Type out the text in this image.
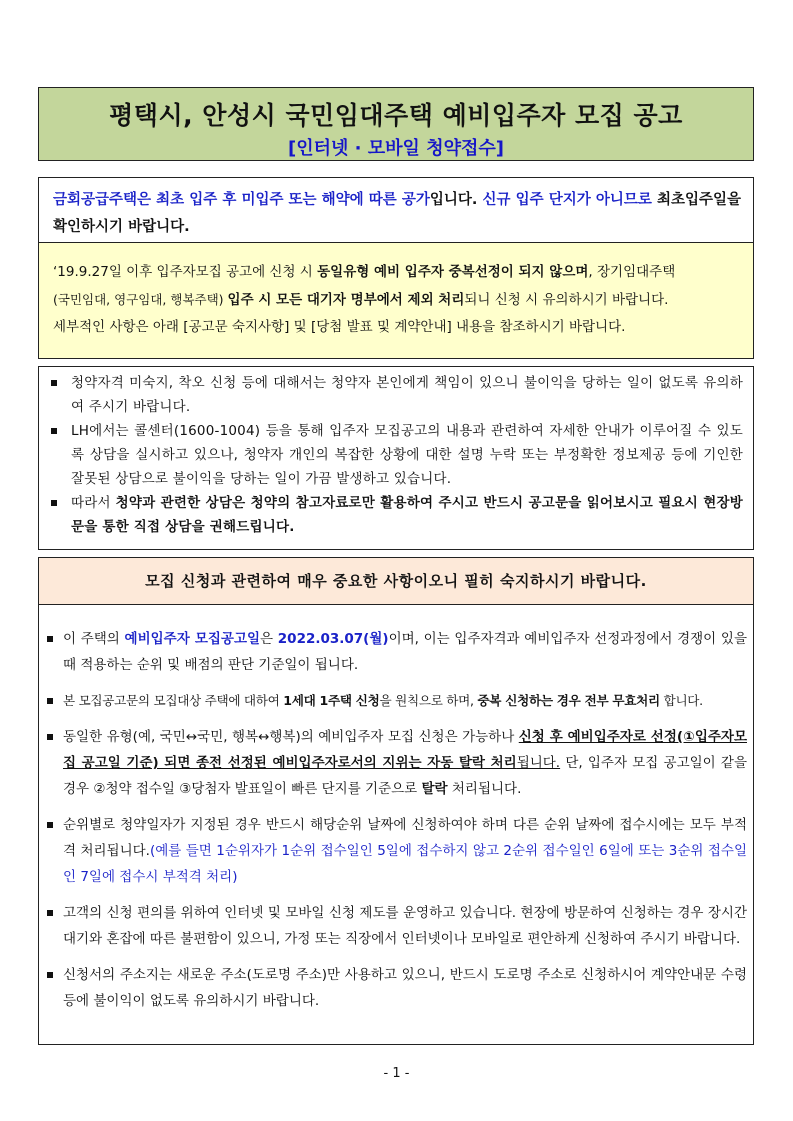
평택시, 안성시 국민임대주택 예비입주자 모집 공고
[인터넷 · 모바일 청약접수]
금회공급주택은 최초 입주 후 미입주 또는 해약에 따른 공가입니다. 신규 입주 단지가 아니므로 최초입주일을 확인하시기 바랍니다.
‘19.9.27일 이후 입주자모집 공고에 신청 시 동일유형 예비 입주자 중복선정이 되지 않으며, 장기임대주택
(국민임대, 영구임대, 행복주택) 입주 시 모든 대기자 명부에서 제외 처리되니 신청 시 유의하시기 바랍니다.
세부적인 사항은 아래 [공고문 숙지사항] 및 [당첨 발표 및 계약안내] 내용을 참조하시기 바랍니다.
청약자격 미숙지, 착오 신청 등에 대해서는 청약자 본인에게 책임이 있으니 불이익을 당하는 일이 없도록 유의하여 주시기 바랍니다.
LH에서는 콜센터(1600-1004) 등을 통해 입주자 모집공고의 내용과 관련하여 자세한 안내가 이루어질 수 있도록 상담을 실시하고 있으나, 청약자 개인의 복잡한 상황에 대한 설명 누락 또는 부정확한 정보제공 등에 기인한 잘못된 상담으로 불이익을 당하는 일이 가끔 발생하고 있습니다.
따라서 청약과 관련한 상담은 청약의 참고자료로만 활용하여 주시고 반드시 공고문을 읽어보시고 필요시 현장방문을 통한 직접 상담을 권해드립니다.
모집 신청과 관련하여 매우 중요한 사항이오니 필히 숙지하시기 바랍니다.
이 주택의 예비입주자 모집공고일은 2022.03.07(월)이며, 이는 입주자격과 예비입주자 선정과정에서 경쟁이 있을 때 적용하는 순위 및 배점의 판단 기준일이 됩니다.
본 모집공고문의 모집대상 주택에 대하여 1세대 1주택 신청을 원칙으로 하며, 중복 신청하는 경우 전부 무효처리 합니다.
동일한 유형(예, 국민↔국민, 행복↔행복)의 예비입주자 모집 신청은 가능하나 신청 후 예비입주자로 선정(①입주자모집 공고일 기준) 되면 종전 선정된 예비입주자로서의 지위는 자동 탈락 처리됩니다. 단, 입주자 모집 공고일이 같을 경우 ②청약 접수일 ③당첨자 발표일이 빠른 단지를 기준으로 탈락 처리됩니다.
순위별로 청약일자가 지정된 경우 반드시 해당순위 날짜에 신청하여야 하며 다른 순위 날짜에 접수시에는 모두 부적격 처리됩니다.(예를 들면 1순위자가 1순위 접수일인 5일에 접수하지 않고 2순위 접수일인 6일에 또는 3순위 접수일인 7일에 접수시 부적격 처리)
고객의 신청 편의를 위하여 인터넷 및 모바일 신청 제도를 운영하고 있습니다. 현장에 방문하여 신청하는 경우 장시간 대기와 혼잡에 따른 불편함이 있으니, 가정 또는 직장에서 인터넷이나 모바일로 편안하게 신청하여 주시기 바랍니다.
신청서의 주소지는 새로운 주소(도로명 주소)만 사용하고 있으니, 반드시 도로명 주소로 신청하시어 계약안내문 수령 등에 불이익이 없도록 유의하시기 바랍니다.
- 1 -
